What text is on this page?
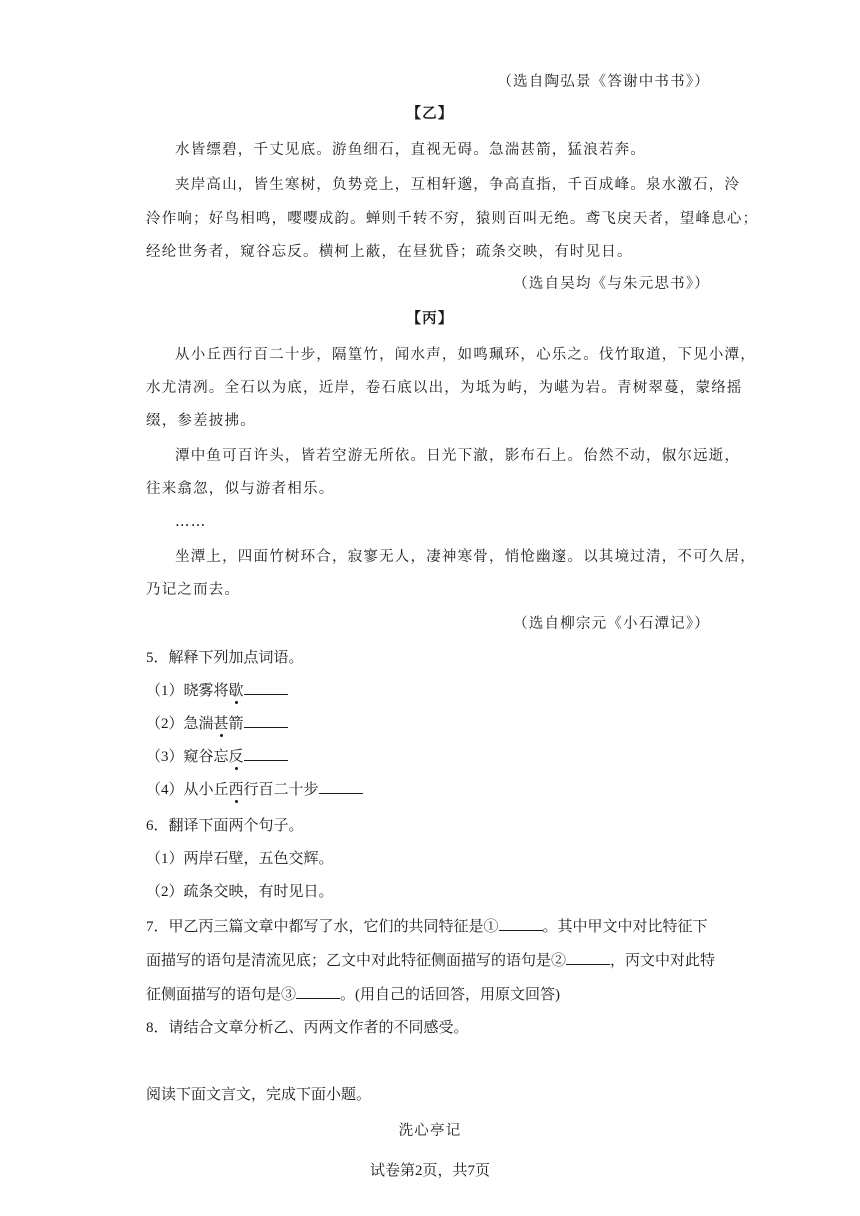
（选自陶弘景《答谢中书书》）
【乙】
水皆缥碧，千丈见底。游鱼细石，直视无碍。急湍甚箭，猛浪若奔。
夹岸高山，皆生寒树，负势竞上，互相轩邈，争高直指，千百成峰。泉水激石，泠
泠作响；好鸟相鸣，嘤嘤成韵。蝉则千转不穷，猿则百叫无绝。鸢飞戾天者，望峰息心；
经纶世务者，窥谷忘反。横柯上蔽，在昼犹昏；疏条交映，有时见日。
（选自吴均《与朱元思书》）
【丙】
从小丘西行百二十步，隔篁竹，闻水声，如鸣珮环，心乐之。伐竹取道，下见小潭，
水尤清冽。全石以为底，近岸，卷石底以出，为坻为屿，为嵁为岩。青树翠蔓，蒙络摇
缀，参差披拂。
潭中鱼可百许头，皆若空游无所依。日光下澈，影布石上。佁然不动，俶尔远逝，
往来翕忽，似与游者相乐。
……
坐潭上，四面竹树环合，寂寥无人，凄神寒骨，悄怆幽邃。以其境过清，不可久居，
乃记之而去。
（选自柳宗元《小石潭记》）
5．解释下列加点词语。
（1）晓雾将歇
（2）急湍甚箭
（3）窥谷忘反
（4）从小丘西行百二十步
6．翻译下面两个句子。
（1）两岸石壁，五色交辉。
（2）疏条交映，有时见日。
7．甲乙丙三篇文章中都写了水，它们的共同特征是①	。其中甲文中对比特征下
面描写的语句是清流见底；乙文中对此特征侧面描写的语句是②	，丙文中对此特
征侧面描写的语句是③	。(用自己的话回答，用原文回答)
8．请结合文章分析乙、丙两文作者的不同感受。
阅读下面文言文，完成下面小题。
洗心亭记
试卷第2页，共7页
